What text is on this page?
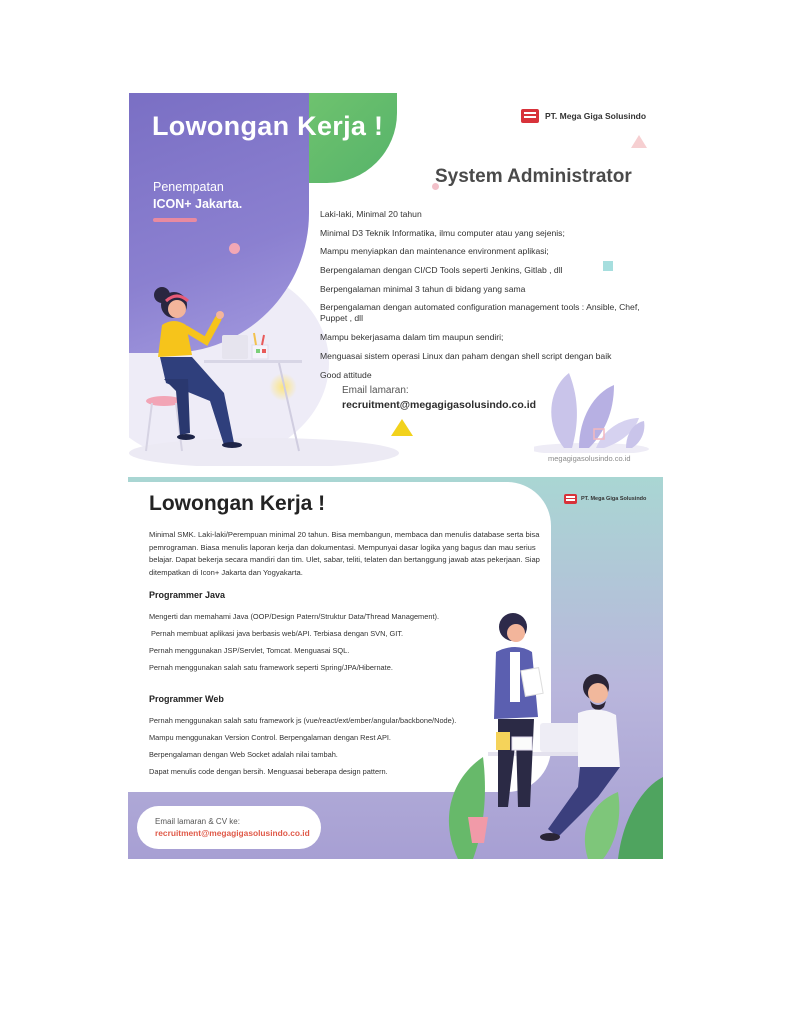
Lowongan Kerja !
Penempatan
ICON+ Jakarta.
PT. Mega Giga Solusindo
System Administrator
Laki-laki, Minimal 20 tahun
Minimal D3 Teknik Informatika, ilmu computer atau yang sejenis;
Mampu menyiapkan dan maintenance environment aplikasi;
Berpengalaman dengan CI/CD Tools seperti Jenkins, Gitlab , dll
Berpengalaman minimal 3 tahun di bidang yang sama
Berpengalaman dengan automated configuration management tools : Ansible, Chef, Puppet , dll
Mampu bekerjasama dalam tim maupun sendiri;
Menguasai sistem operasi Linux dan paham dengan shell script dengan baik
Good attitude
Email lamaran:
recruitment@megagigasolusindo.co.id
megagigasolusindo.co.id
Lowongan Kerja !	PT. Mega Giga Solusindo

Minimal SMK. Laki-laki/Perempuan minimal 20 tahun. Bisa membangun, membaca dan menulis database serta bisa pemrograman. Biasa menulis laporan kerja dan dokumentasi. Mempunyai dasar logika yang bagus dan mau serius belajar. Dapat bekerja secara mandiri dan tim. Ulet, sabar, teliti, telaten dan bertanggung jawab atas pekerjaan. Siap ditempatkan di Icon+ Jakarta dan Yogyakarta.

Programmer Java
Mengerti dan memahami Java (OOP/Design Patern/Struktur Data/Thread Management).
Pernah membuat aplikasi java berbasis web/API. Terbiasa dengan SVN, GIT.
Pernah menggunakan JSP/Servlet, Tomcat. Menguasai SQL.
Pernah menggunakan salah satu framework seperti Spring/JPA/Hibernate.
Programmer Web
Pernah menggunakan salah satu framework js (vue/react/ext/ember/angular/backbone/Node).
Mampu menggunakan Version Control. Berpengalaman dengan Rest API.
Berpengalaman dengan Web Socket adalah nilai tambah.
Dapat menulis code dengan bersih. Menguasai beberapa design pattern.
Email lamaran & CV ke:
recruitment@megagigasolusindo.co.id
